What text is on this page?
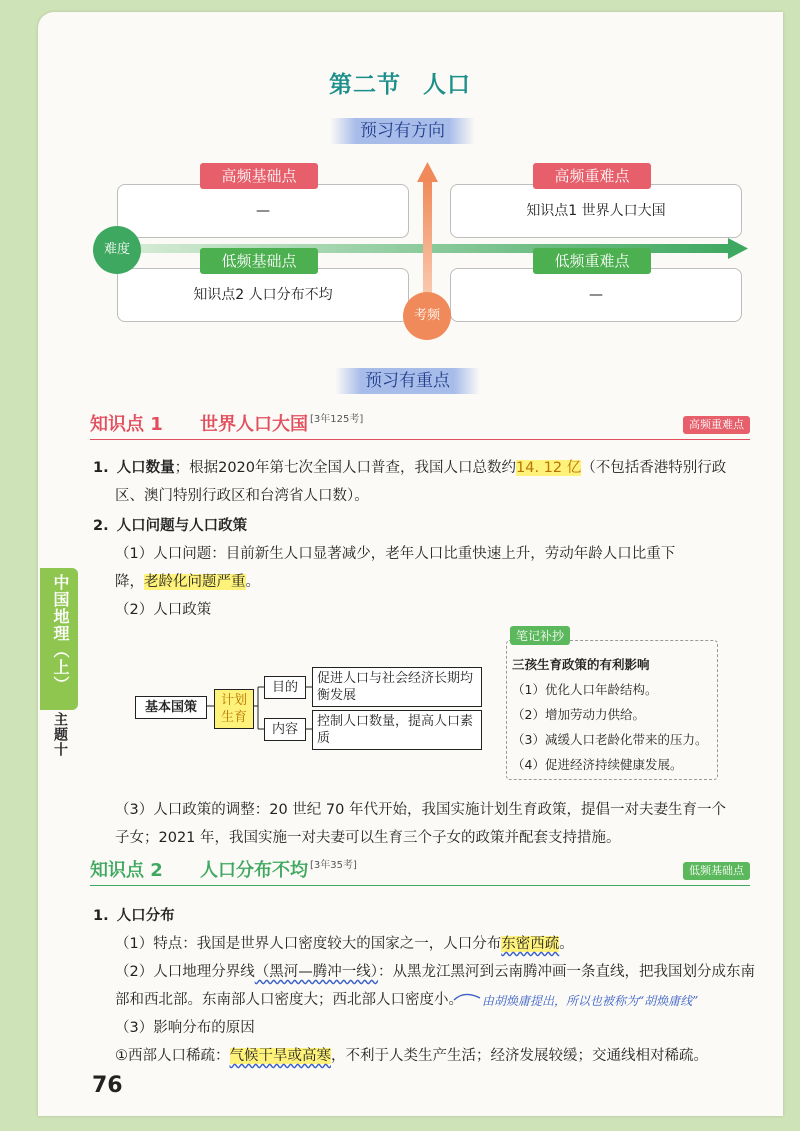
中国地理（上）
主题十
第二节 人口
预习有方向
—	知识点1 世界人口大国
知识点2 人口分布不均	—
高频基础点	高频重难点
低频基础点	低频重难点
难度
考频
预习有重点
知识点 1 世界人口大国 [3年125考]	高频重难点
1. 人口数量；根据2020年第七次全国人口普查，我国人口总数约14. 12 亿（不包括香港特别行政
区、澳门特别行政区和台湾省人口数）。
2. 人口问题与人口政策
（1）人口问题：目前新生人口显著减少，老年人口比重快速上升，劳动年龄人口比重下
降，老龄化问题严重。
（2）人口政策
基本国策	计划
生育
目的
内容
促进人口与社会经济长期均衡发展
控制人口数量，提高人口素质
笔记补抄
三孩生育政策的有利影响
（1）优化人口年龄结构。
（2）增加劳动力供给。
（3）减缓人口老龄化带来的压力。
（4）促进经济持续健康发展。
（3）人口政策的调整：20 世纪 70 年代开始，我国实施计划生育政策，提倡一对夫妻生育一个
子女；2021 年，我国实施一对夫妻可以生育三个子女的政策并配套支持措施。
知识点 2 人口分布不均 [3年35考]	低频基础点
1. 人口分布
（1）特点：我国是世界人口密度较大的国家之一，人口分布东密西疏。
（2）人口地理分界线（黑河—腾冲一线）：从黑龙江黑河到云南腾冲画一条直线，把我国划分成东南
部和西北部。东南部人口密度大；西北部人口密度小。	由胡焕庸提出，所以也被称为“胡焕庸线”
（3）影响分布的原因
①西部人口稀疏：气候干旱或高寒，不利于人类生产生活；经济发展较缓；交通线相对稀疏。
76
